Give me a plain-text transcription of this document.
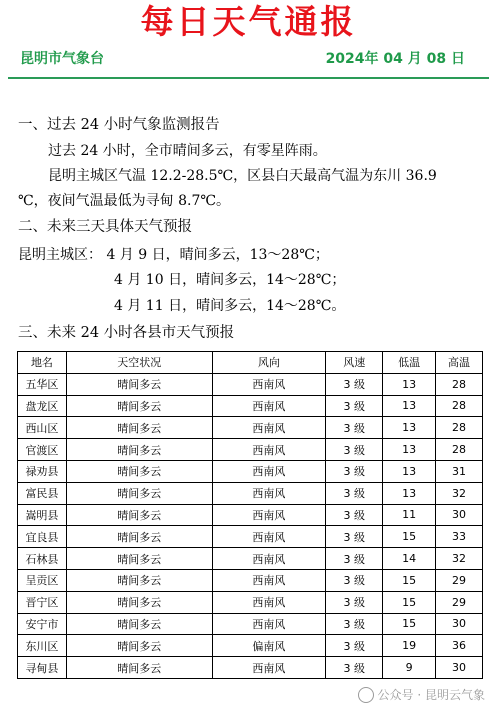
每日天气通报
昆明市气象台	2024年 04 月 08 日
一、过去 24 小时气象监测报告
过去 24 小时，全市晴间多云，有零星阵雨。
昆明主城区气温 12.2-28.5℃，区县白天最高气温为东川 36.9
℃，夜间气温最低为寻甸 8.7℃。
二、未来三天具体天气预报
昆明主城区： 4 月 9 日，晴间多云，13～28℃；
4 月 10 日，晴间多云，14～28℃；
4 月 11 日，晴间多云，14～28℃。
三、未来 24 小时各县市天气预报
地名	天空状况	风向	风速	低温	高温
五华区	晴间多云	西南风	3 级	13	28
盘龙区	晴间多云	西南风	3 级	13	28
西山区	晴间多云	西南风	3 级	13	28
官渡区	晴间多云	西南风	3 级	13	28
禄劝县	晴间多云	西南风	3 级	13	31
富民县	晴间多云	西南风	3 级	13	32
嵩明县	晴间多云	西南风	3 级	11	30
宜良县	晴间多云	西南风	3 级	15	33
石林县	晴间多云	西南风	3 级	14	32
呈贡区	晴间多云	西南风	3 级	15	29
晋宁区	晴间多云	西南风	3 级	15	29
安宁市	晴间多云	西南风	3 级	15	30
东川区	晴间多云	偏南风	3 级	19	36
寻甸县	晴间多云	西南风	3 级	9	30
公众号 · 昆明云气象
